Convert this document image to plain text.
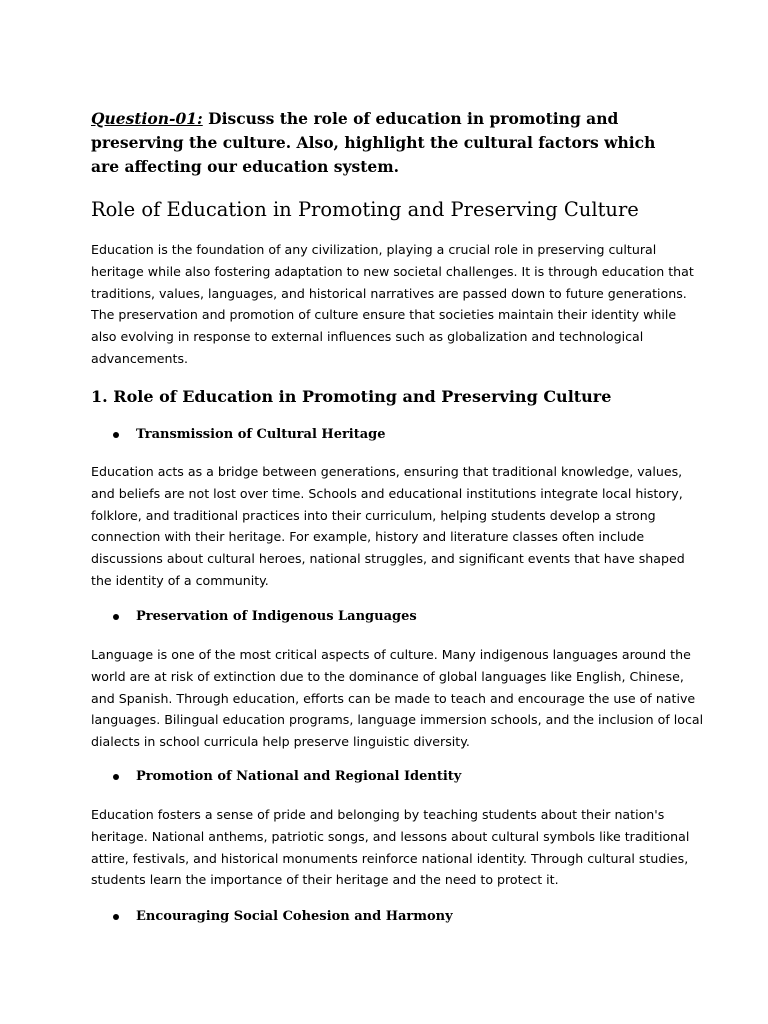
Question-01: Discuss the role of education in promoting and preserving the culture. Also, highlight the cultural factors which are affecting our education system.

Role of Education in Promoting and Preserving Culture

Education is the foundation of any civilization, playing a crucial role in preserving cultural
heritage while also fostering adaptation to new societal challenges. It is through education that
traditions, values, languages, and historical narratives are passed down to future generations.
The preservation and promotion of culture ensure that societies maintain their identity while
also evolving in response to external influences such as globalization and technological
advancements.

1. Role of Education in Promoting and Preserving Culture
Transmission of Cultural Heritage

Education acts as a bridge between generations, ensuring that traditional knowledge, values,
and beliefs are not lost over time. Schools and educational institutions integrate local history,
folklore, and traditional practices into their curriculum, helping students develop a strong
connection with their heritage. For example, history and literature classes often include
discussions about cultural heroes, national struggles, and significant events that have shaped
the identity of a community.

Preservation of Indigenous Languages

Language is one of the most critical aspects of culture. Many indigenous languages around the
world are at risk of extinction due to the dominance of global languages like English, Chinese,
and Spanish. Through education, efforts can be made to teach and encourage the use of native
languages. Bilingual education programs, language immersion schools, and the inclusion of local
dialects in school curricula help preserve linguistic diversity.

Promotion of National and Regional Identity

Education fosters a sense of pride and belonging by teaching students about their nation's
heritage. National anthems, patriotic songs, and lessons about cultural symbols like traditional
attire, festivals, and historical monuments reinforce national identity. Through cultural studies,
students learn the importance of their heritage and the need to protect it.

Encouraging Social Cohesion and Harmony
